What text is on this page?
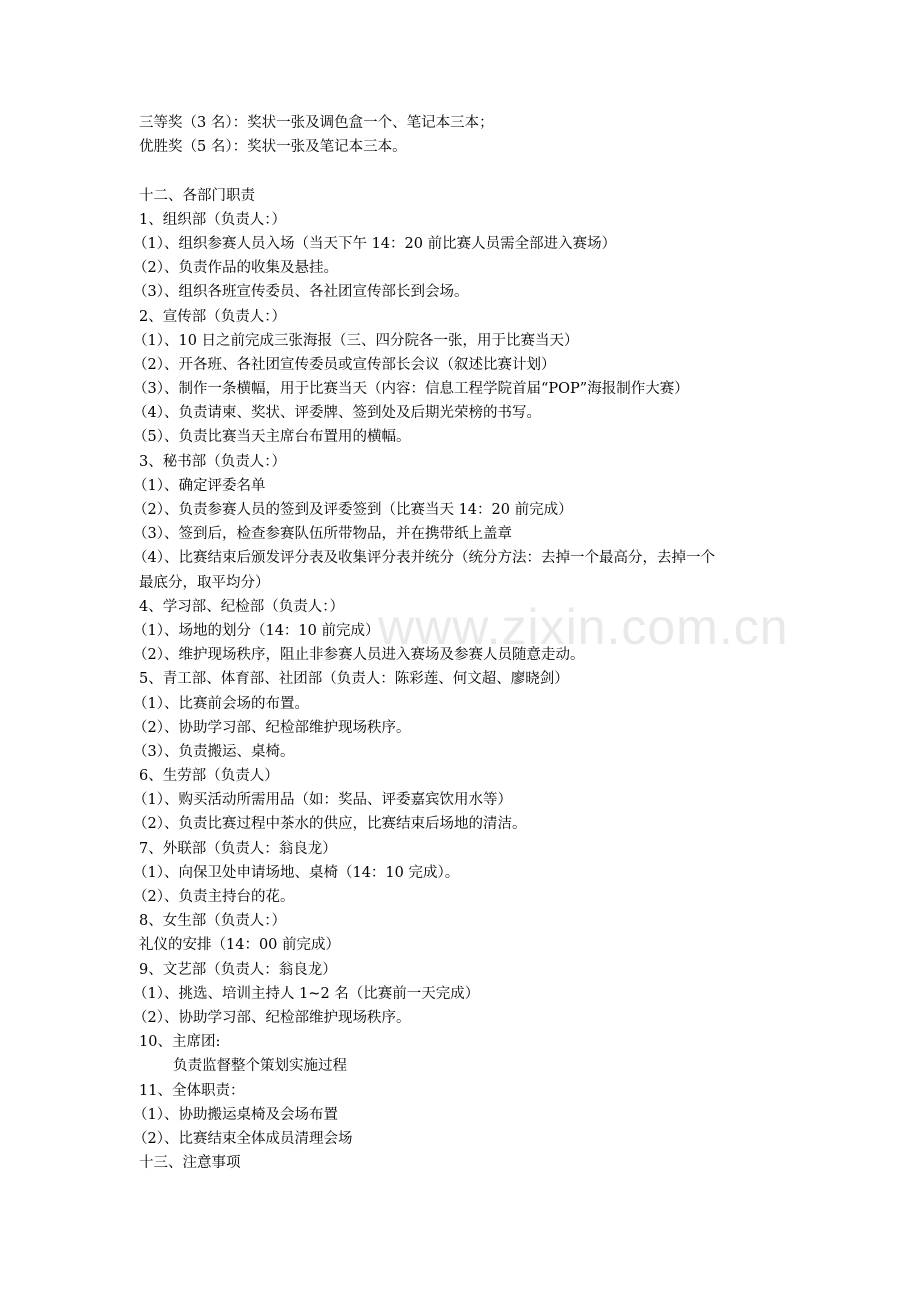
www.zixin.com.cn
三等奖（3 名）：奖状一张及调色盒一个、笔记本三本；
优胜奖（5 名）：奖状一张及笔记本三本。
十二、各部门职责
1、组织部（负责人：）
（1）、组织参赛人员入场（当天下午 14：20 前比赛人员需全部进入赛场）
（2）、负责作品的收集及悬挂。
（3）、组织各班宣传委员、各社团宣传部长到会场。
2、宣传部（负责人：）
（1）、10 日之前完成三张海报（三、四分院各一张，用于比赛当天）
（2）、开各班、各社团宣传委员或宣传部长会议（叙述比赛计划）
（3）、制作一条横幅，用于比赛当天（内容：信息工程学院首届“POP”海报制作大赛）
（4）、负责请柬、奖状、评委牌、签到处及后期光荣榜的书写。
（5）、负责比赛当天主席台布置用的横幅。
3、秘书部（负责人：）
（1）、确定评委名单
（2）、负责参赛人员的签到及评委签到（比赛当天 14：20 前完成）
（3）、签到后，检查参赛队伍所带物品，并在携带纸上盖章
（4）、比赛结束后颁发评分表及收集评分表并统分（统分方法：去掉一个最高分，去掉一个
最底分，取平均分）
4、学习部、纪检部（负责人：）
（1）、场地的划分（14：10 前完成）
（2）、维护现场秩序，阻止非参赛人员进入赛场及参赛人员随意走动。
5、青工部、体育部、社团部（负责人：陈彩莲、何文超、廖晓剑）
（1）、比赛前会场的布置。
（2）、协助学习部、纪检部维护现场秩序。
（3）、负责搬运、桌椅。
6、生劳部（负责人）
（1）、购买活动所需用品（如：奖品、评委嘉宾饮用水等）
（2）、负责比赛过程中茶水的供应，比赛结束后场地的清洁。
7、外联部（负责人：翁良龙）
（1）、向保卫处申请场地、桌椅（14：10 完成）。
（2）、负责主持台的花。
8、女生部（负责人：）
礼仪的安排（14：00 前完成）
9、文艺部（负责人：翁良龙）
（1）、挑选、培训主持人 1~2 名（比赛前一天完成）
（2）、协助学习部、纪检部维护现场秩序。
10、主席团:
负责监督整个策划实施过程
11、全体职责：
（1）、协助搬运桌椅及会场布置
（2）、比赛结束全体成员清理会场
十三、注意事项
